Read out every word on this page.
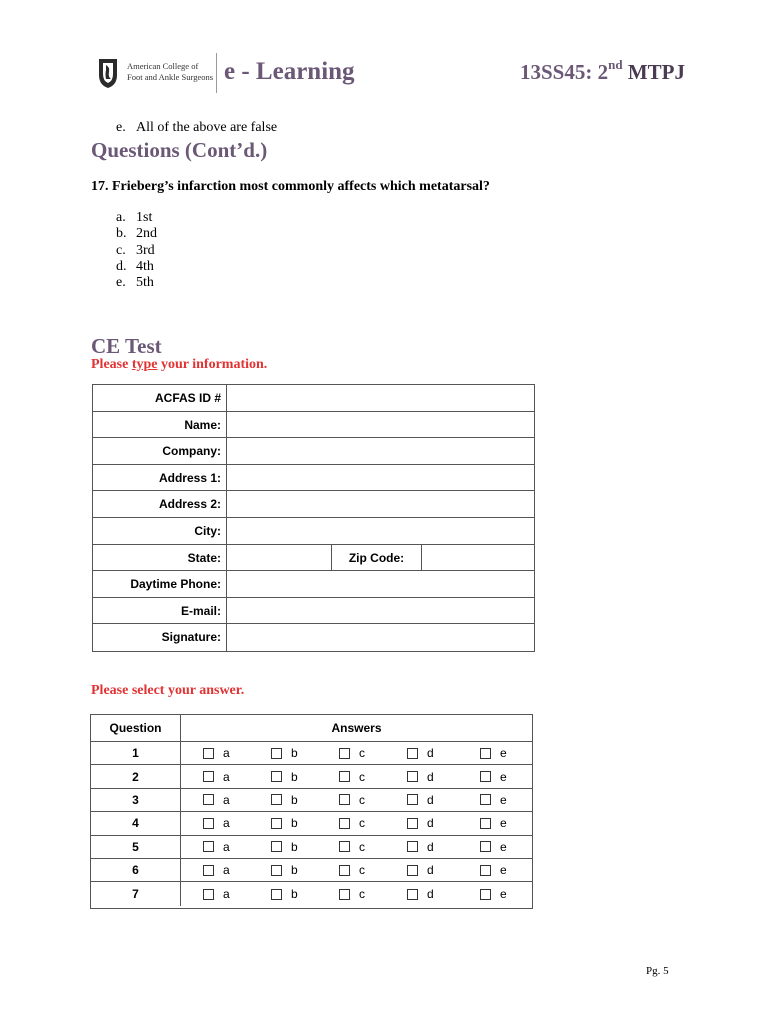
American College of
Foot and Ankle Surgeons e - Learning	13SS45: 2nd MTPJ
e. All of the above are false
Questions (Cont’d.)
17. Frieberg’s infarction most commonly affects which metatarsal?
a. 1st
b. 2nd
c. 3rd
d. 4th
e. 5th
CE Test
Please type your information.
ACFAS ID #
Name:
Company:
Address 1:
Address 2:
City:
State:	Zip Code:
Daytime Phone:
E-mail:
Signature:
Please select your answer.
Question	Answers
1	a	b	c	d	e
2	a	b	c	d	e
3	a	b	c	d	e
4	a	b	c	d	e
5	a	b	c	d	e
6	a	b	c	d	e
7	a	b	c	d	e
Pg. 5
